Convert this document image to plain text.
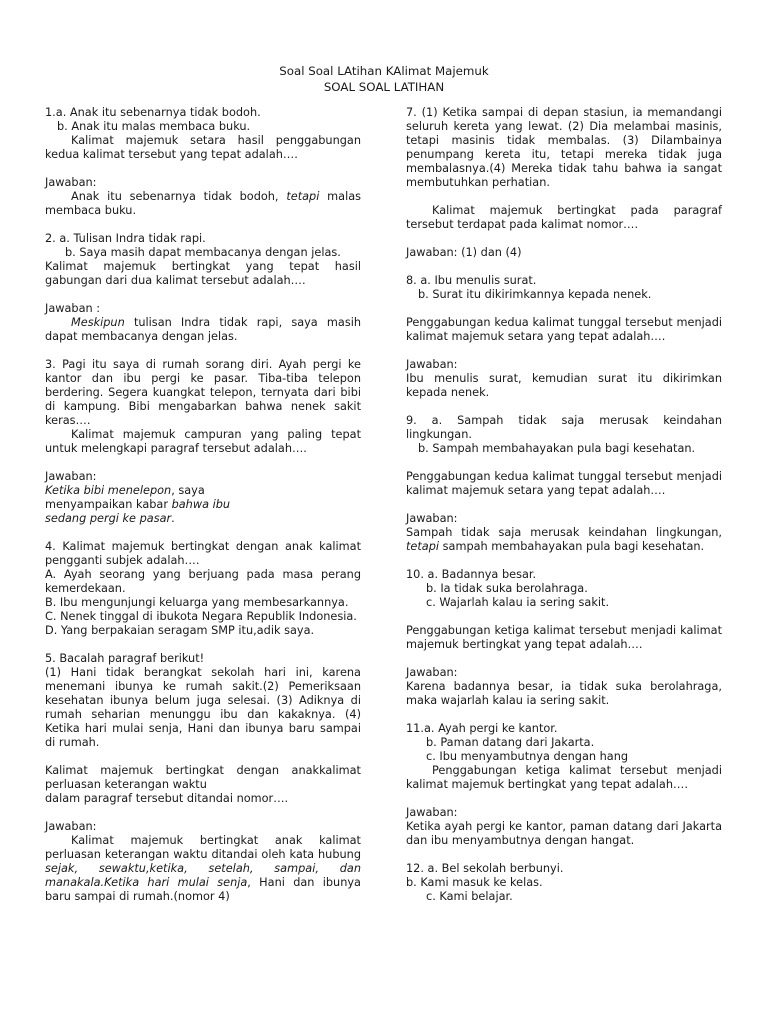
Soal Soal LAtihan KAlimat Majemuk
SOAL SOAL LATIHAN

1.a. Anak itu sebenarnya tidak bodoh.

b. Anak itu malas membaca buku.

Kalimat majemuk setara hasil penggabungan kedua kalimat tersebut yang tepat adalah….

Jawaban:

Anak itu sebenarnya tidak bodoh, tetapi malas membaca buku.

2. a. Tulisan Indra tidak rapi.

b. Saya masih dapat membacanya dengan jelas.

Kalimat majemuk bertingkat yang tepat hasil gabungan dari dua kalimat tersebut adalah….

Jawaban :

Meskipun tulisan Indra tidak rapi, saya masih dapat membacanya dengan jelas.

3. Pagi itu saya di rumah sorang diri. Ayah pergi ke kantor dan ibu pergi ke pasar. Tiba-tiba telepon berdering. Segera kuangkat telepon, ternyata dari bibi di kampung. Bibi mengabarkan bahwa nenek sakit keras….

Kalimat majemuk campuran yang paling tepat untuk melengkapi paragraf tersebut adalah….

Jawaban:

Ketika bibi menelepon, saya

menyampaikan kabar bahwa ibu

sedang pergi ke pasar.

4. Kalimat majemuk bertingkat dengan anak kalimat pengganti subjek adalah….

A. Ayah seorang yang berjuang pada masa perang kemerdekaan.

B. Ibu mengunjungi keluarga yang membesarkannya.

C. Nenek tinggal di ibukota Negara Republik Indonesia.

D. Yang berpakaian seragam SMP itu,adik saya.

5. Bacalah paragraf berikut!

(1) Hani tidak berangkat sekolah hari ini, karena menemani ibunya ke rumah sakit.(2) Pemeriksaan kesehatan ibunya belum juga selesai. (3) Adiknya di rumah seharian menunggu ibu dan kakaknya. (4) Ketika hari mulai senja, Hani dan ibunya baru sampai di rumah.

Kalimat majemuk bertingkat dengan anakkalimat perluasan keterangan waktu

dalam paragraf tersebut ditandai nomor….

Jawaban:

Kalimat majemuk bertingkat anak kalimat perluasan keterangan waktu ditandai oleh kata hubung sejak, sewaktu,ketika, setelah, sampai, dan manakala.Ketika hari mulai senja, Hani dan ibunya baru sampai di rumah.(nomor 4)

7. (1) Ketika sampai di depan stasiun, ia memandangi seluruh kereta yang lewat. (2) Dia melambai masinis, tetapi masinis tidak membalas. (3) Dilambainya penumpang kereta itu, tetapi mereka tidak juga membalasnya.(4) Mereka tidak tahu bahwa ia sangat membutuhkan perhatian.

Kalimat majemuk bertingkat pada paragraf tersebut terdapat pada kalimat nomor….

Jawaban: (1) dan (4)

8. a. Ibu menulis surat.

b. Surat itu dikirimkannya kepada nenek.

Penggabungan kedua kalimat tunggal tersebut menjadi kalimat majemuk setara yang tepat adalah….

Jawaban:

Ibu menulis surat, kemudian surat itu dikirimkan kepada nenek.

9. a. Sampah tidak saja merusak keindahan lingkungan.

b. Sampah membahayakan pula bagi kesehatan.

Penggabungan kedua kalimat tunggal tersebut menjadi kalimat majemuk setara yang tepat adalah….

Jawaban:

Sampah tidak saja merusak keindahan lingkungan, tetapi sampah membahayakan pula bagi kesehatan.

10. a. Badannya besar.

b. Ia tidak suka berolahraga.

c. Wajarlah kalau ia sering sakit.

Penggabungan ketiga kalimat tersebut menjadi kalimat majemuk bertingkat yang tepat adalah….

Jawaban:

Karena badannya besar, ia tidak suka berolahraga, maka wajarlah kalau ia sering sakit.

11.a. Ayah pergi ke kantor.

b. Paman datang dari Jakarta.

c. Ibu menyambutnya dengan hang

Penggabungan ketiga kalimat tersebut menjadi kalimat majemuk bertingkat yang tepat adalah….

Jawaban:

Ketika ayah pergi ke kantor, paman datang dari Jakarta dan ibu menyambutnya dengan hangat.

12. a. Bel sekolah berbunyi.

b. Kami masuk ke kelas.

c. Kami belajar.
